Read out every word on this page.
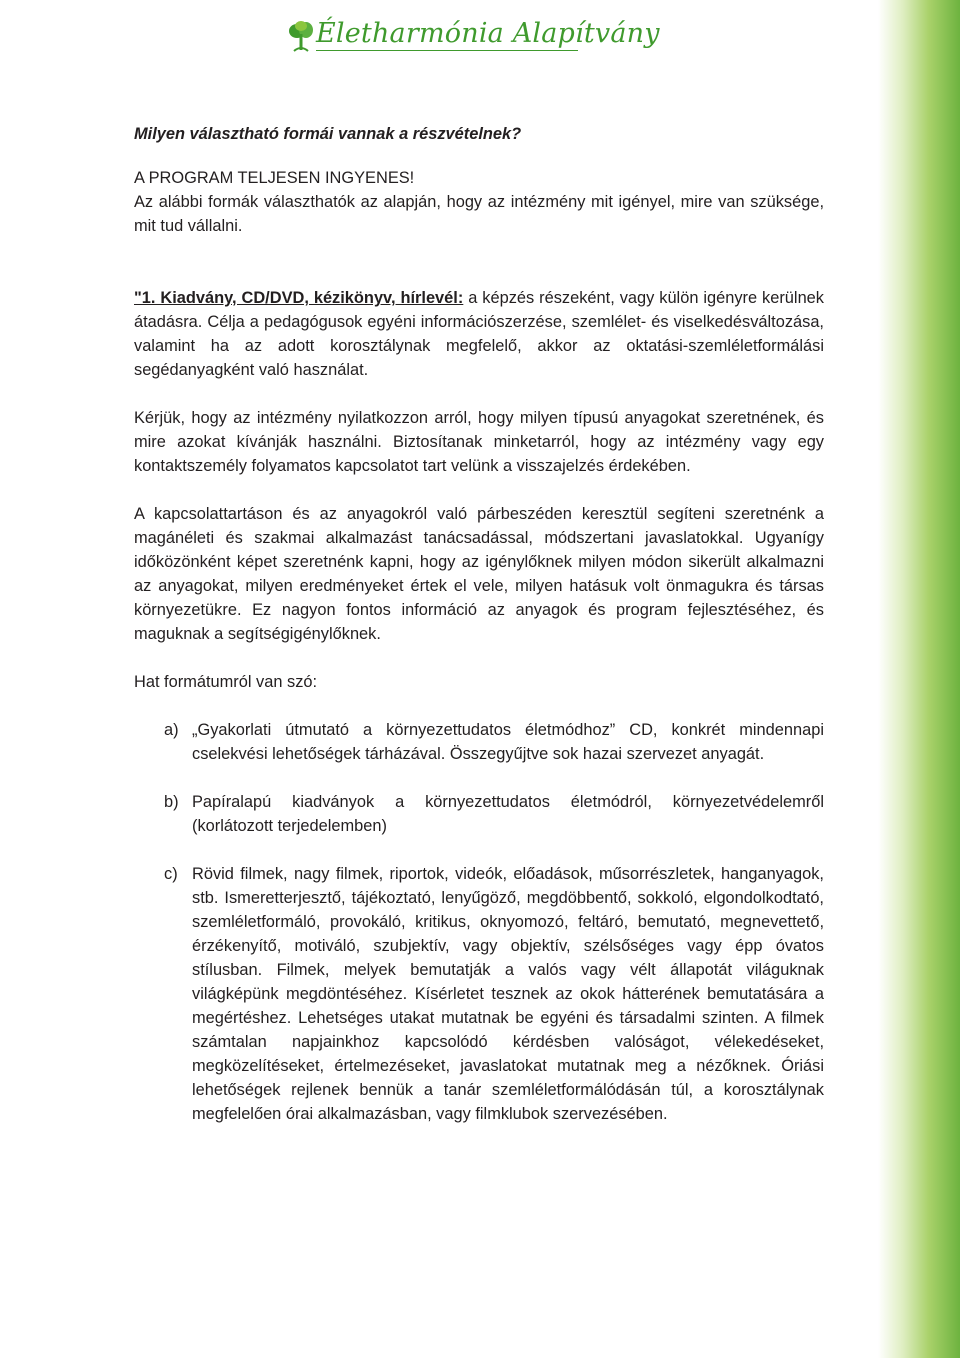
Életharmónia Alapítvány

Milyen választható formái vannak a részvételnek?

A PROGRAM TELJESEN INGYENES!

Az alábbi formák választhatók az alapján, hogy az intézmény mit igényel, mire van szüksége, mit tud vállalni.

"1. Kiadvány, CD/DVD, kézikönyv, hírlevél: a képzés részeként, vagy külön igényre kerülnek átadásra. Célja a pedagógusok egyéni információszerzése, szemlélet- és viselkedésváltozása, valamint ha az adott korosztálynak megfelelő, akkor az oktatási-szemléletformálási segédanyagként való használat.

Kérjük, hogy az intézmény nyilatkozzon arról, hogy milyen típusú anyagokat szeretnének, és mire azokat kívánják használni. Biztosítanak minketarról, hogy az intézmény vagy egy kontaktszemély folyamatos kapcsolatot tart velünk a visszajelzés érdekében.

A kapcsolattartáson és az anyagokról való párbeszéden keresztül segíteni szeretnénk a magánéleti és szakmai alkalmazást tanácsadással, módszertani javaslatokkal. Ugyanígy időközönként képet szeretnénk kapni, hogy az igénylőknek milyen módon sikerült alkalmazni az anyagokat, milyen eredményeket értek el vele, milyen hatásuk volt önmagukra és társas környezetükre. Ez nagyon fontos információ az anyagok és program fejlesztéséhez, és maguknak a segítségigénylőknek.

Hat formátumról van szó:

a) „Gyakorlati útmutató a környezettudatos életmódhoz” CD, konkrét mindennapi cselekvési lehetőségek tárházával. Összegyűjtve sok hazai szervezet anyagát.
b) Papíralapú kiadványok a környezettudatos életmódról, környezetvédelemről (korlátozott terjedelemben)
c) Rövid filmek, nagy filmek, riportok, videók, előadások, műsorrészletek, hanganyagok, stb. Ismeretterjesztő, tájékoztató, lenyűgöző, megdöbbentő, sokkoló, elgondolkodtató, szemléletformáló, provokáló, kritikus, oknyomozó, feltáró, bemutató, megnevettető, érzékenyítő, motiváló, szubjektív, vagy objektív, szélsőséges vagy épp óvatos stílusban. Filmek, melyek bemutatják a valós vagy vélt állapotát világuknak világképünk megdöntéséhez. Kísérletet tesznek az okok hátterének bemutatására a megértéshez. Lehetséges utakat mutatnak be egyéni és társadalmi szinten. A filmek számtalan napjainkhoz kapcsolódó kérdésben valóságot, vélekedéseket, megközelítéseket, értelmezéseket, javaslatokat mutatnak meg a nézőknek. Óriási lehetőségek rejlenek bennük a tanár szemléletformálódásán túl, a korosztálynak megfelelően órai alkalmazásban, vagy filmklubok szervezésében.
